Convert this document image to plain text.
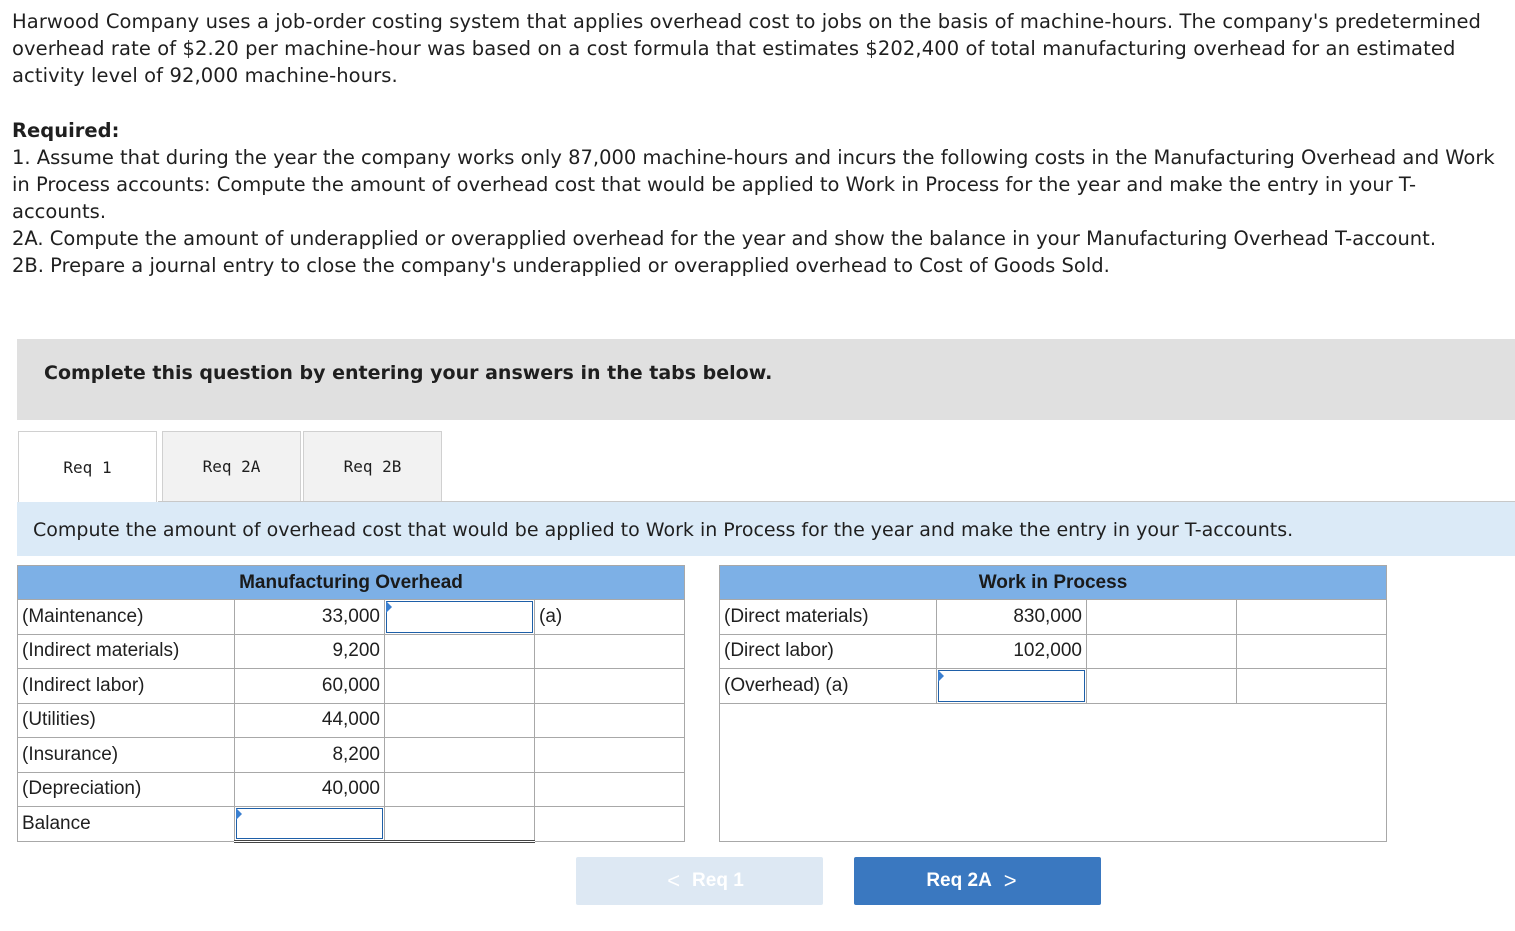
Harwood Company uses a job-order costing system that applies overhead cost to jobs on the basis of machine-hours. The company's predetermined overhead rate of $2.20 per machine-hour was based on a cost formula that estimates $202,400 of total manufacturing overhead for an estimated activity level of 92,000 machine-hours.
Required:
1. Assume that during the year the company works only 87,000 machine-hours and incurs the following costs in the Manufacturing Overhead and Work in Process accounts: Compute the amount of overhead cost that would be applied to Work in Process for the year and make the entry in your T-accounts.
2A. Compute the amount of underapplied or overapplied overhead for the year and show the balance in your Manufacturing Overhead T-account.
2B. Prepare a journal entry to close the company's underapplied or overapplied overhead to Cost of Goods Sold.
Complete this question by entering your answers in the tabs below.
Req 1	Req 2A	Req 2B
Compute the amount of overhead cost that would be applied to Work in Process for the year and make the entry in your T-accounts.
Manufacturing Overhead			
(Maintenance)	33,000		(a)
(Indirect materials)	9,200		
(Indirect labor)	60,000		
(Utilities)	44,000		
(Insurance)	8,200		
(Depreciation)	40,000		
Balance	

Work in Process			
(Direct materials)	830,000		
(Direct labor)	102,000		
(Overhead) (a)	

< Req 1	Req 2A >
